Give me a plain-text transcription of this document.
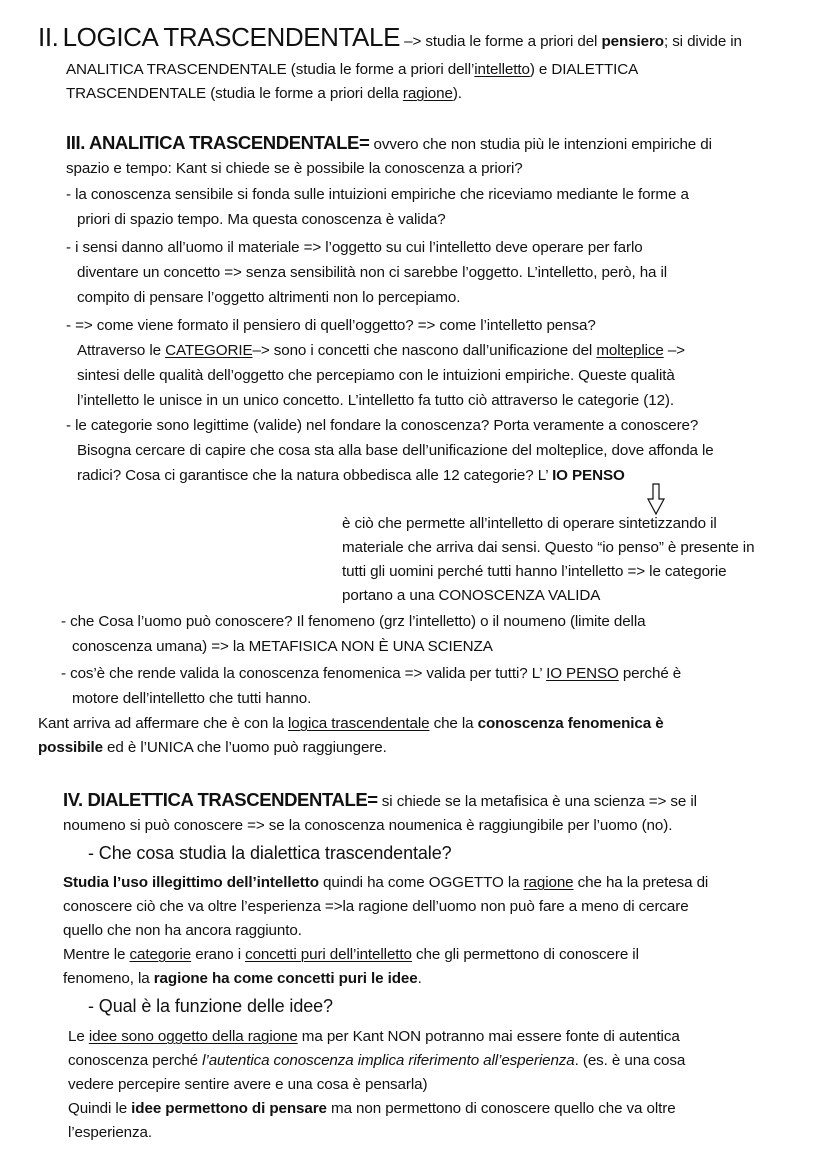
II. LOGICA TRASCENDENTALE –> studia le forme a priori del pensiero; si divide in
ANALITICA TRASCENDENTALE (studia le forme a priori dell’intelletto) e DIALETTICA
TRASCENDENTALE (studia le forme a priori della ragione).
III. ANALITICA TRASCENDENTALE= ovvero che non studia più le intenzioni empiriche di
spazio e tempo: Kant si chiede se è possibile la conoscenza a priori?
- la conoscenza sensibile si fonda sulle intuizioni empiriche che riceviamo mediante le forme a
priori di spazio tempo. Ma questa conoscenza è valida?
- i sensi danno all’uomo il materiale => l’oggetto su cui l’intelletto deve operare per farlo
diventare un concetto => senza sensibilità non ci sarebbe l’oggetto. L’intelletto, però, ha il
compito di pensare l’oggetto altrimenti non lo percepiamo.
- => come viene formato il pensiero di quell’oggetto? => come l’intelletto pensa?
Attraverso le CATEGORIE–> sono i concetti che nascono dall’unificazione del molteplice –>
sintesi delle qualità dell’oggetto che percepiamo con le intuizioni empiriche. Queste qualità
l’intelletto le unisce in un unico concetto. L’intelletto fa tutto ciò attraverso le categorie (12).
- le categorie sono legittime (valide) nel fondare la conoscenza? Porta veramente a conoscere?
Bisogna cercare di capire che cosa sta alla base dell’unificazione del molteplice, dove affonda le
radici? Cosa ci garantisce che la natura obbedisca alle 12 categorie? L’ IO PENSO
è ciò che permette all’intelletto di operare sintetizzando il
materiale che arriva dai sensi. Questo “io penso” è presente in
tutti gli uomini perché tutti hanno l’intelletto => le categorie
portano a una CONOSCENZA VALIDA
- che Cosa l’uomo può conoscere? Il fenomeno (grz l’intelletto) o il noumeno (limite della
conoscenza umana) => la METAFISICA NON È UNA SCIENZA
- cos’è che rende valida la conoscenza fenomenica => valida per tutti? L’ IO PENSO perché è
motore dell’intelletto che tutti hanno.
Kant arriva ad affermare che è con la logica trascendentale che la conoscenza fenomenica è
possibile ed è l’UNICA che l’uomo può raggiungere.
IV. DIALETTICA TRASCENDENTALE= si chiede se la metafisica è una scienza => se il
noumeno si può conoscere => se la conoscenza noumenica è raggiungibile per l’uomo (no).
- Che cosa studia la dialettica trascendentale?
Studia l’uso illegittimo dell’intelletto quindi ha come OGGETTO la ragione che ha la pretesa di
conoscere ciò che va oltre l’esperienza =>la ragione dell’uomo non può fare a meno di cercare
quello che non ha ancora raggiunto.
Mentre le categorie erano i concetti puri dell’intelletto che gli permettono di conoscere il
fenomeno, la ragione ha come concetti puri le idee.
- Qual è la funzione delle idee?
Le idee sono oggetto della ragione ma per Kant NON potranno mai essere fonte di autentica
conoscenza perché l’autentica conoscenza implica riferimento all’esperienza. (es. è una cosa
vedere percepire sentire avere e una cosa è pensarla)
Quindi le idee permettono di pensare ma non permettono di conoscere quello che va oltre
l’esperienza.
